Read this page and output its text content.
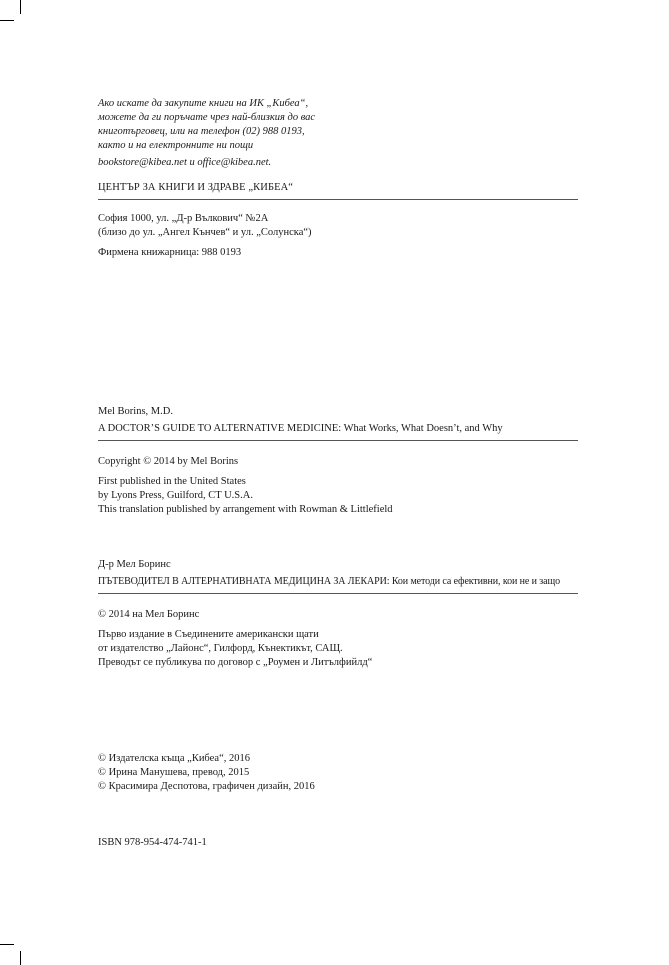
Ако искате да закупите книги на ИК „Кибеа“,
можете да ги поръчате чрез най-близкия до вас
книготърговец, или на телефон (02) 988 0193,
както и на електронните ни пощи
bookstore@kibea.net и office@kibea.net.
ЦЕНТЪР ЗА КНИГИ И ЗДРАВЕ „КИБЕА“
София 1000, ул. „Д-р Вълкович“ №2А
(близо до ул. „Ангел Кънчев“ и ул. „Солунска“)
Фирмена книжарница: 988 0193
Mel Borins, M.D.
A DOCTOR’S GUIDE TO ALTERNATIVE MEDICINE: What Works, What Doesn’t, and Why
Copyright © 2014 by Mel Borins
First published in the United States
by Lyons Press, Guilford, CT U.S.A.
This translation published by arrangement with Rowman & Littlefield
Д-р Мел Боринс
ПЪТЕВОДИТЕЛ В АЛТЕРНАТИВНАТА МЕДИЦИНА ЗА ЛЕКАРИ: Кои методи са ефективни, кои не и защо
© 2014 на Мел Боринс
Първо издание в Съединените американски щати
от издателство „Лайонс“, Гилфорд, Кънектикът, САЩ.
Преводът се публикува по договор с „Роумен и Литълфийлд“
© Издателска къща „Кибеа“, 2016
© Ирина Манушева, превод, 2015
© Красимира Деспотова, графичен дизайн, 2016
ISBN 978-954-474-741-1
